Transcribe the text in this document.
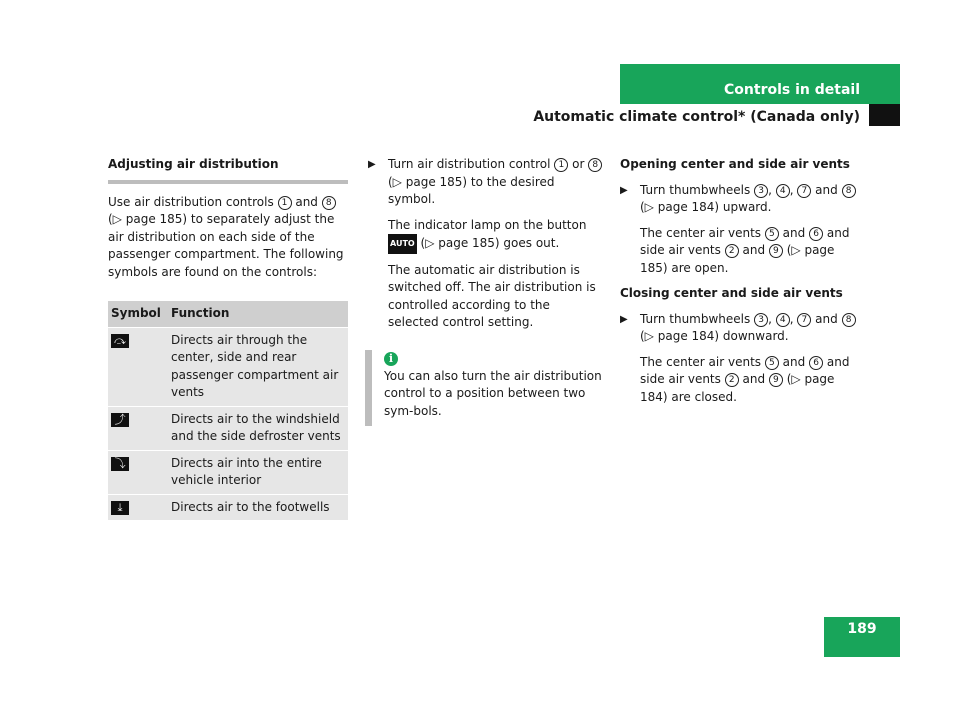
Controls in detail
Automatic climate control* (Canada only)
Adjusting air distribution

Use air distribution controls 1 and 8 (▷ page 185) to separately adjust the air distribution on each side of the passenger compartment. The following symbols are found on the controls:

Symbol	Function
⤼	Directs air through the center, side and rear passenger compartment air vents
⤴	Directs air to the windshield and the side defroster vents
⤵	Directs air into the entire vehicle interior
⤓	Directs air to the footwells
▶ Turn air distribution control 1 or 8 (▷ page 185) to the desired symbol.
The indicator lamp on the button AUTO (▷ page 185) goes out.
The automatic air distribution is switched off. The air distribution is controlled according to the selected control setting.
i
You can also turn the air distribution control to a position between two sym-bols.
Opening center and side air vents
▶ Turn thumbwheels 3 , 4 , 7 and 8 (▷ page 184) upward.
The center air vents 5 and 6 and side air vents 2 and 9 (▷ page 185) are open.
Closing center and side air vents
▶ Turn thumbwheels 3 , 4 , 7 and 8 (▷ page 184) downward.
The center air vents 5 and 6 and side air vents 2 and 9 (▷ page 184) are closed.
189
